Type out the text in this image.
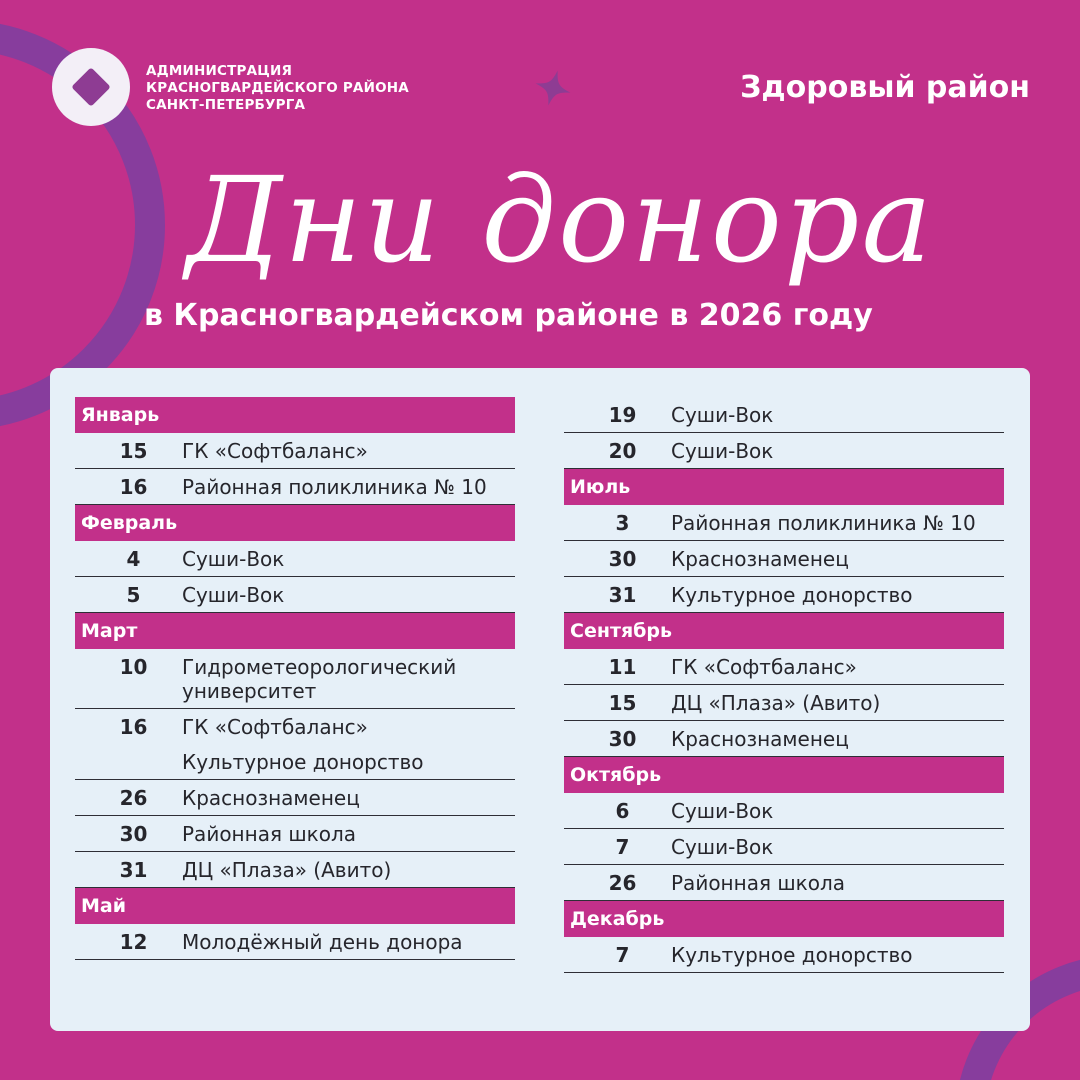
АДМИНИСТРАЦИЯ
КРАСНОГВАРДЕЙСКОГО РАЙОНА
САНКТ-ПЕТЕРБУРГА	Здоровый район
Дни донора
в Красногвардейском районе в 2026 году
Январь
15	ГК «Софтбаланс»
16	Районная поликлиника № 10
Февраль
4	Суши-Вок
5	Суши-Вок
Март
10	Гидрометеорологический университет
16	ГК «Софтбаланс»
Культурное донорство
26	Краснознаменец
30	Районная школа
31	ДЦ «Плаза» (Авито)
Май
12	Молодёжный день донора
19	Суши-Вок
20	Суши-Вок
Июль
3	Районная поликлиника № 10
30	Краснознаменец
31	Культурное донорство
Сентябрь
11	ГК «Софтбаланс»
15	ДЦ «Плаза» (Авито)
30	Краснознаменец
Октябрь
6	Суши-Вок
7	Суши-Вок
26	Районная школа
Декабрь
7	Культурное донорство
